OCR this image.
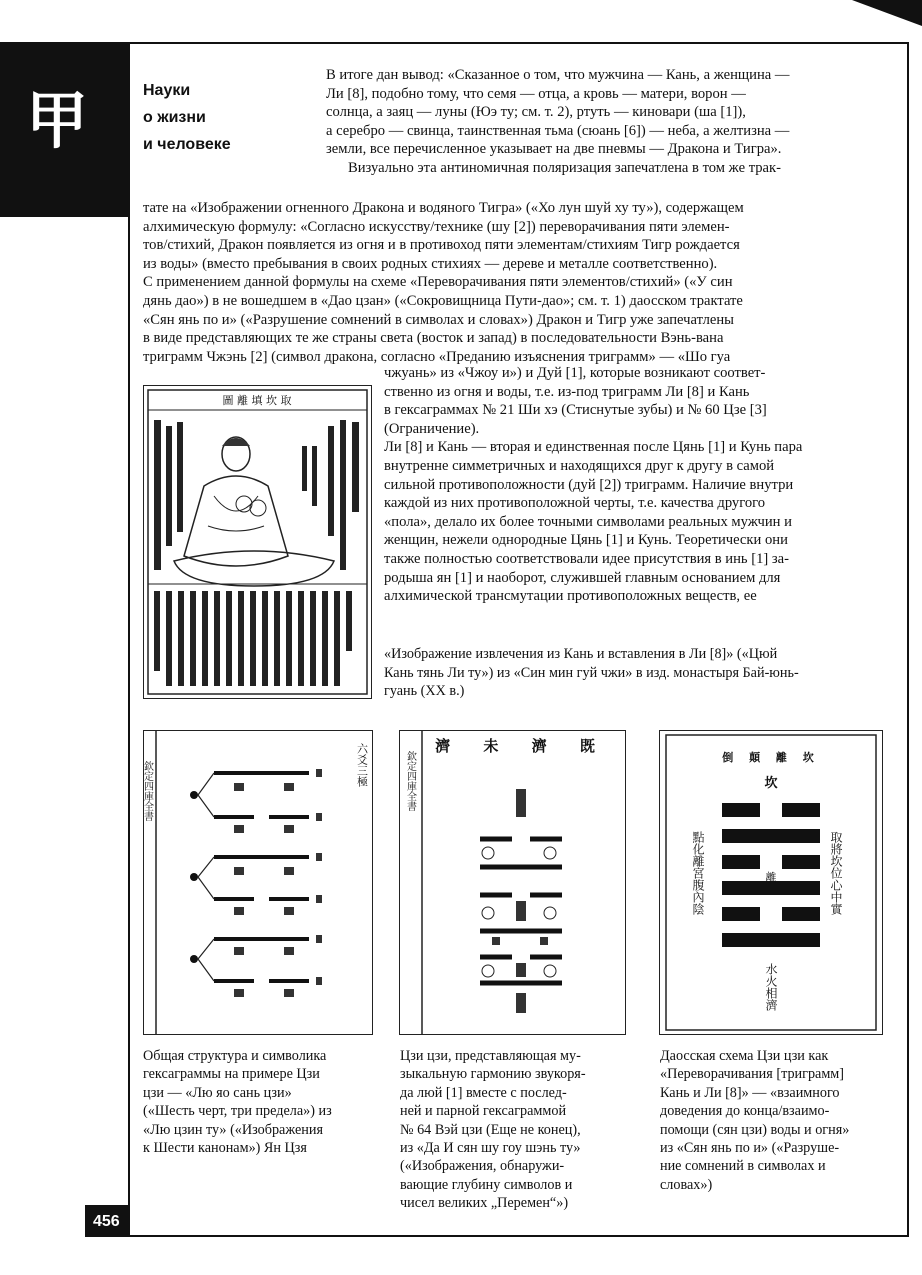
甲
456
Науки
о жизни
и человеке

В итоге дан вывод: «Сказанное о том, что мужчина — Кань, а женщина —

Ли [8], подобно тому, что семя — отца, а кровь — матери, ворон —

солнца, а заяц — луны (Юэ ту; см. т. 2), ртуть — киновари (ша [1]),

а серебро — свинца, таинственная тьма (сюань [6]) — неба, а желтизна —

земли, все перечисленное указывает на две пневмы — Дракона и Тигра».

Визуально эта антиномичная поляризация запечатлена в том же трак-

тате на «Изображении огненного Дракона и водяного Тигра» («Хо лун шуй ху ту»), содержащем

алхимическую формулу: «Согласно искусству/технике (шу [2]) переворачивания пяти элемен-

тов/стихий, Дракон появляется из огня и в противоход пяти элементам/стихиям Тигр рождается

из воды» (вместо пребывания в своих родных стихиях — дереве и металле соответственно).

С применением данной формулы на схеме «Переворачивания пяти элементов/стихий» («У син

дянь дао») в не вошедшем в «Дао цзан» («Сокровищница Пути-дао»; см. т. 1) даосском трактате

«Сян янь по и» («Разрушение сомнений в символах и словах») Дракон и Тигр уже запечатлены

в виде представляющих те же страны света (восток и запад) в последовательности Вэнь-вана

триграмм Чжэнь [2] (символ дракона, согласно «Преданию изъяснения триграмм» — «Шо гуа

чжуань» из «Чжоу и») и Дуй [1], которые возникают соответ-

ственно из огня и воды, т.е. из-под триграмм Ли [8] и Кань

в гексаграммах № 21 Ши хэ (Стиснутые зубы) и № 60 Цзе [3]

(Ограничение).

Ли [8] и Кань — вторая и единственная после Цянь [1] и Кунь пара

внутренне симметричных и находящихся друг к другу в самой

сильной противоположности (дуй [2]) триграмм. Наличие внутри

каждой из них противоположной черты, т.е. качества другого

«пола», делало их более точными символами реальных мужчин и

женщин, нежели однородные Цянь [1] и Кунь. Теоретически они

также полностью соответствовали идее присутствия в инь [1] за-

родыша ян [1] и наоборот, служившей главным основанием для

алхимической трансмутации противоположных веществ, ее

«Изображение извлечения из Кань и вставления в Ли [8]» («Цюй

Кань тянь Ли ту») из «Син мин гуй чжи» в изд. монастыря Бай-юнь-

гуань (XX в.)

圖 離 填 坎 取
欽定四庫全書	六爻三極	欽定四庫全書
濟 未 濟 既
倒 顛 離 坎
坎
離
水火相濟
取將坎位心中實
點化離宮腹內陰
Общая структура и символика
гексаграммы на примере Цзи
цзи — «Лю яо сань цзи»
(«Шесть черт, три предела») из
«Лю цзин ту» («Изображения
к Шести канонам») Ян Цзя
Цзи цзи, представляющая му-
зыкальную гармонию звукоря-
да люй [1] вместе с послед-
ней и парной гексаграммой
№ 64 Вэй цзи (Еще не конец),
из «Да И сян шу гоу шэнь ту»
(«Изображения, обнаружи-
вающие глубину символов и
чисел великих „Перемен“»)
Даосская схема Цзи цзи как
«Переворачивания [триграмм]
Кань и Ли [8]» — «взаимного
доведения до конца/взаимо-
помощи (сян цзи) воды и огня»
из «Сян янь по и» («Разруше-
ние сомнений в символах и
словах»)
